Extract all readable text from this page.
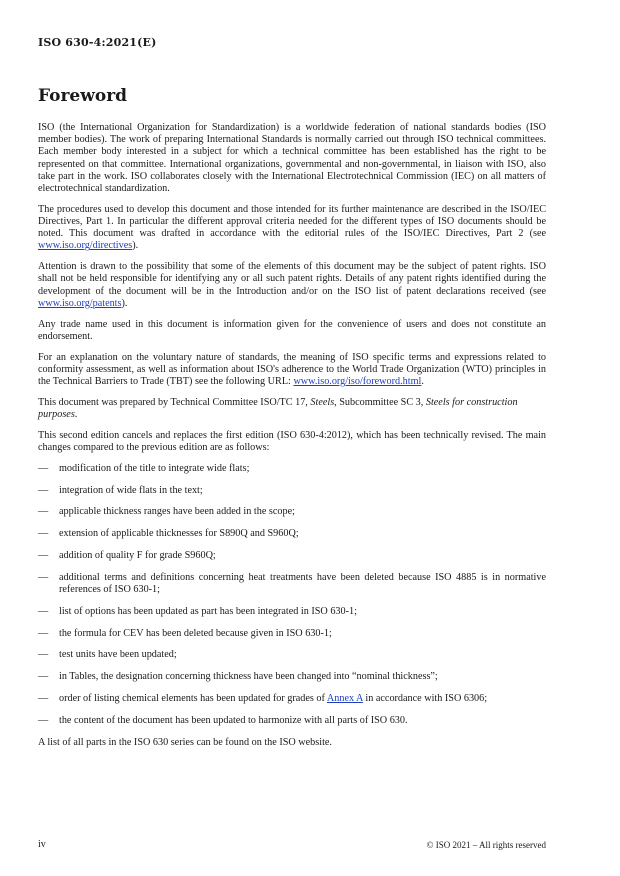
ISO 630-4:2021(E)
Foreword

ISO (the International Organization for Standardization) is a worldwide federation of national standards bodies (ISO member bodies). The work of preparing International Standards is normally carried out through ISO technical committees. Each member body interested in a subject for which a technical committee has been established has the right to be represented on that committee. International organizations, governmental and non-governmental, in liaison with ISO, also take part in the work. ISO collaborates closely with the International Electrotechnical Commission (IEC) on all matters of electrotechnical standardization.

The procedures used to develop this document and those intended for its further maintenance are described in the ISO/IEC Directives, Part 1. In particular the different approval criteria needed for the different types of ISO documents should be noted. This document was drafted in accordance with the editorial rules of the ISO/IEC Directives, Part 2 (see www.iso.org/directives).

Attention is drawn to the possibility that some of the elements of this document may be the subject of patent rights. ISO shall not be held responsible for identifying any or all such patent rights. Details of any patent rights identified during the development of the document will be in the Introduction and/or on the ISO list of patent declarations received (see www.iso.org/patents).

Any trade name used in this document is information given for the convenience of users and does not constitute an endorsement.

For an explanation on the voluntary nature of standards, the meaning of ISO specific terms and expressions related to conformity assessment, as well as information about ISO's adherence to the World Trade Organization (WTO) principles in the Technical Barriers to Trade (TBT) see the following URL: www.iso.org/iso/foreword.html.

This document was prepared by Technical Committee ISO/TC 17, Steels, Subcommittee SC 3, Steels for construction purposes.

This second edition cancels and replaces the first edition (ISO 630-4:2012), which has been technically revised. The main changes compared to the previous edition are as follows:

— modification of the title to integrate wide flats;
— integration of wide flats in the text;
— applicable thickness ranges have been added in the scope;
— extension of applicable thicknesses for S890Q and S960Q;
— addition of quality F for grade S960Q;
— additional terms and definitions concerning heat treatments have been deleted because ISO 4885 is in normative references of ISO 630-1;
— list of options has been updated as part has been integrated in ISO 630-1;
— the formula for CEV has been deleted because given in ISO 630-1;
— test units have been updated;
— in Tables, the designation concerning thickness have been changed into “nominal thickness”;
— order of listing chemical elements has been updated for grades of Annex A in accordance with ISO 6306;
— the content of the document has been updated to harmonize with all parts of ISO 630.

A list of all parts in the ISO 630 series can be found on the ISO website.

iv	© ISO 2021 – All rights reserved
